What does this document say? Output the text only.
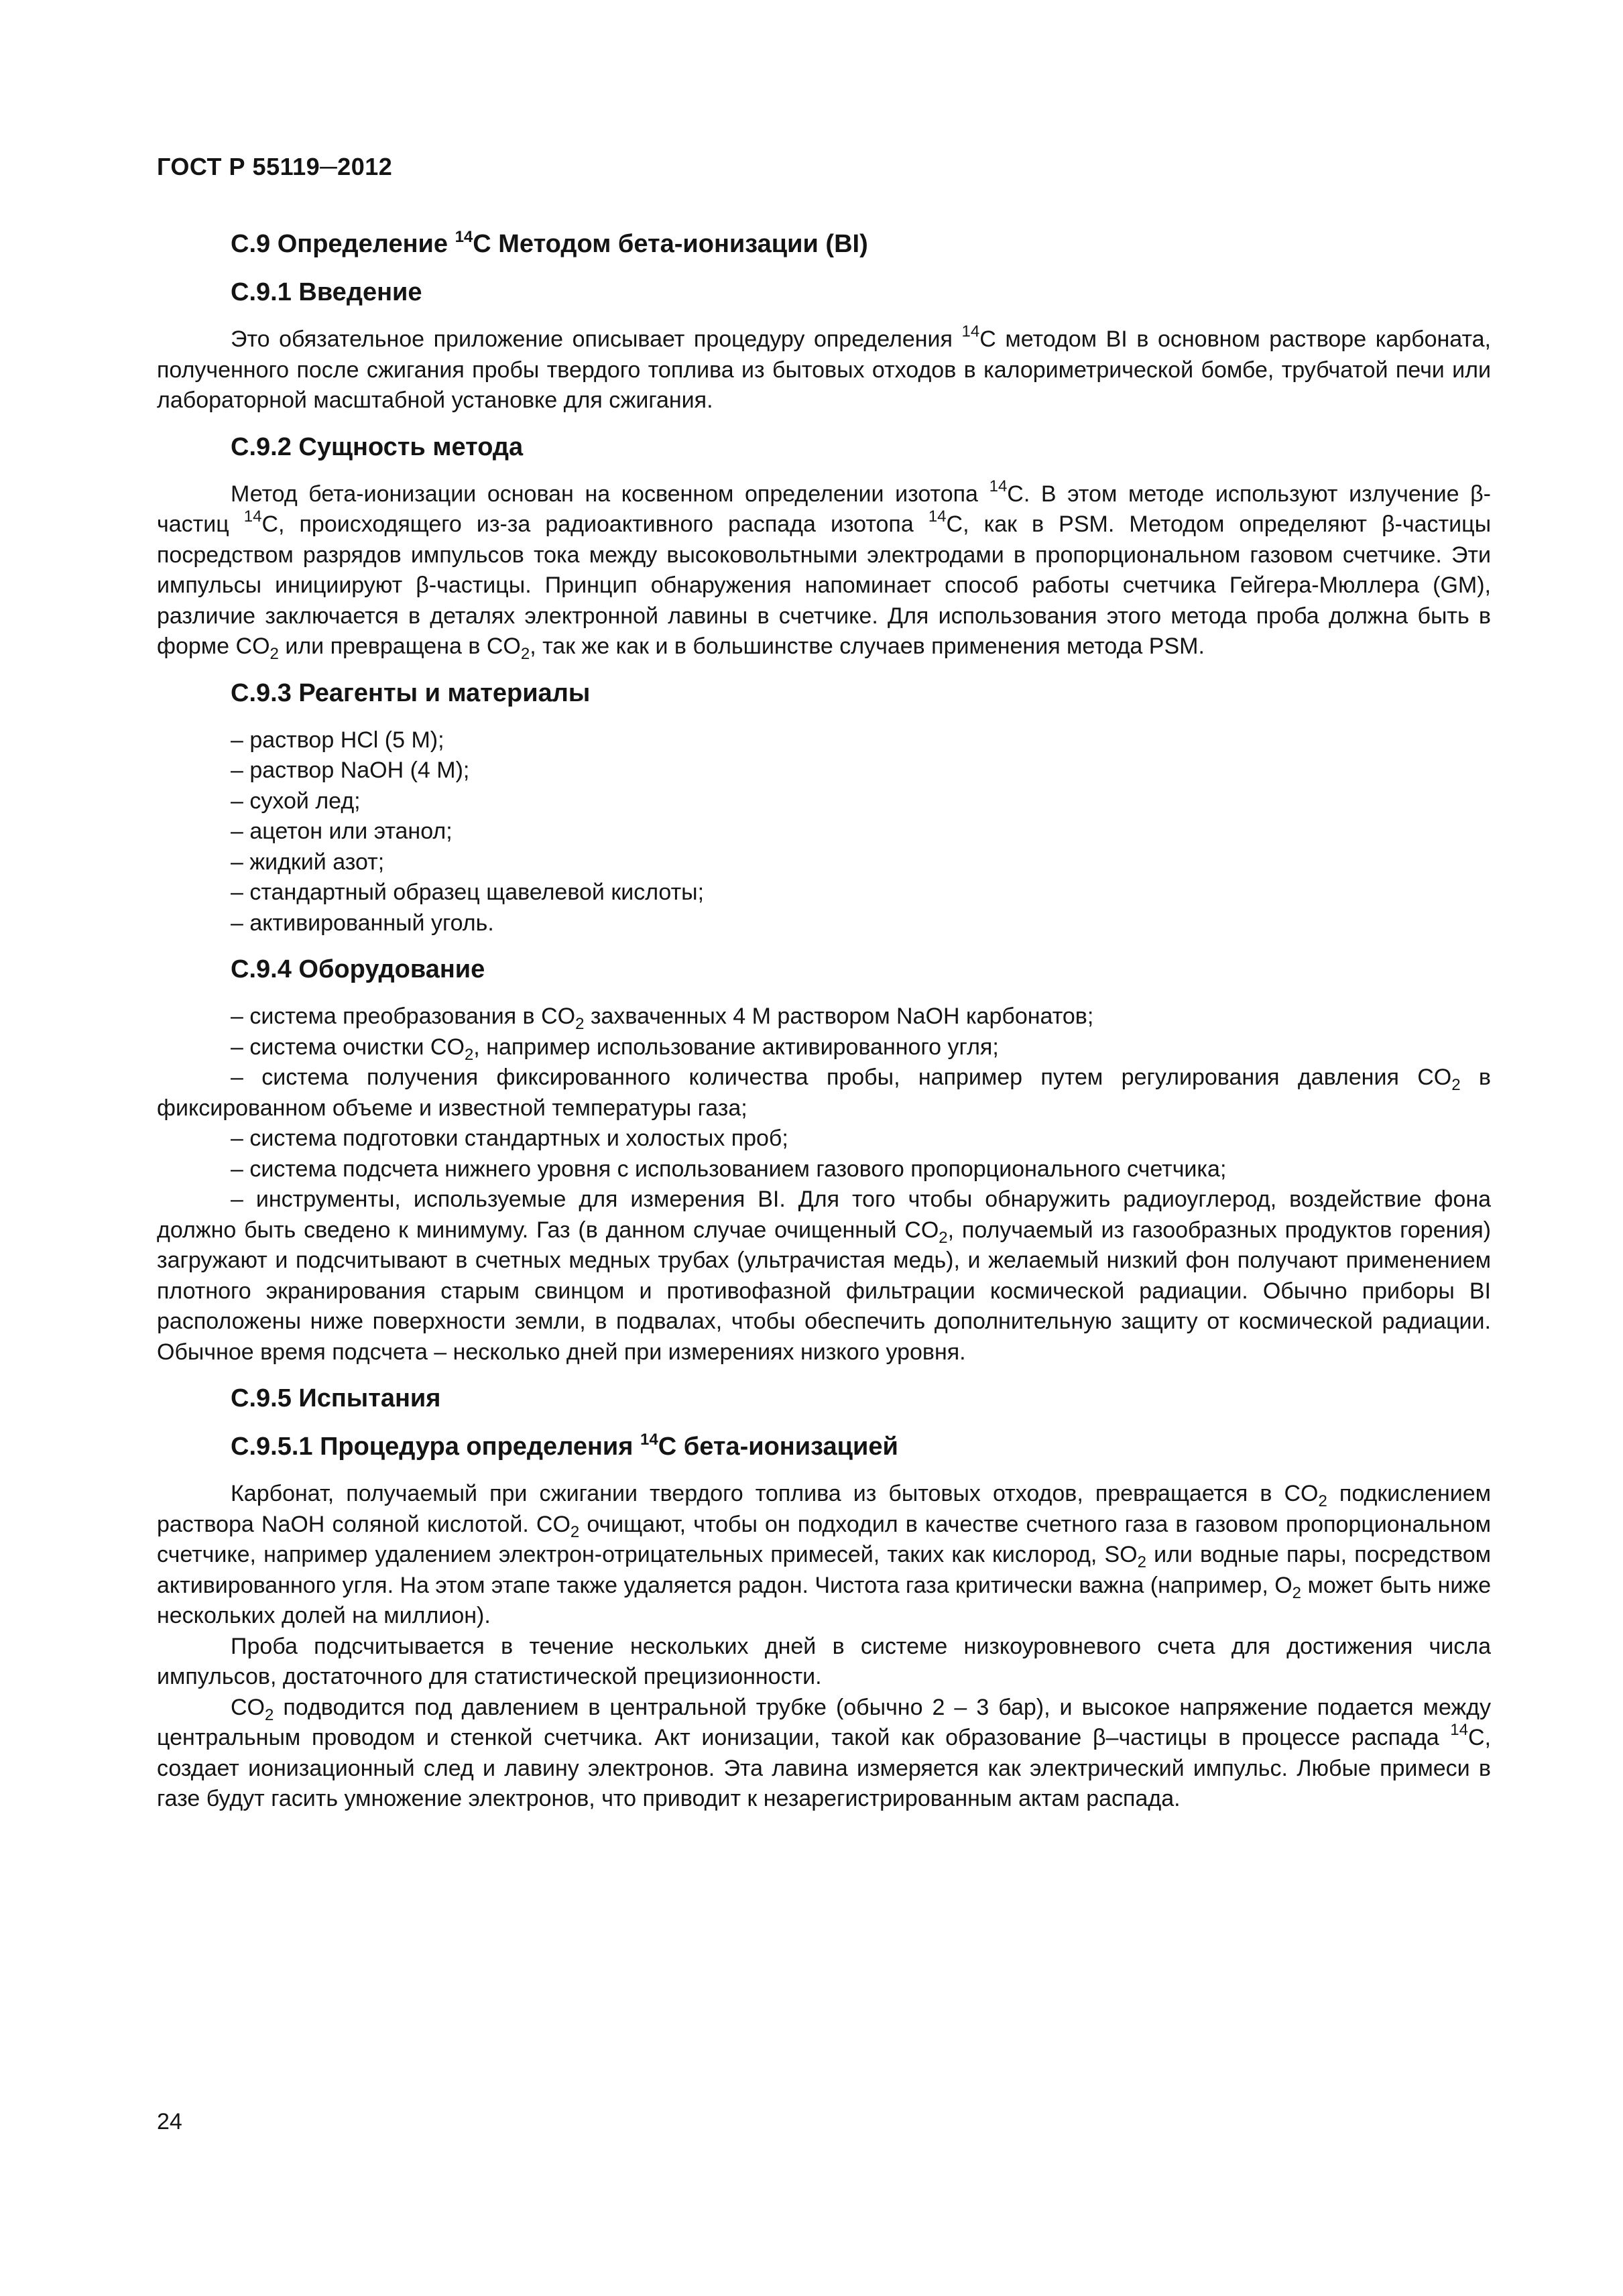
ГОСТ Р 55119─2012
С.9 Определение $^{14}$С Методом бета-ионизации (BI)
С.9.1 Введение

Это обязательное приложение описывает процедуру определения $^{14}$С методом BI в основном растворе карбоната, полученного после сжигания пробы твердого топлива из бытовых отходов в калориметрической бомбе, трубчатой печи или лабораторной масштабной установке для сжигания.

С.9.2 Сущность метода

Метод бета-ионизации основан на косвенном определении изотопа $^{14}$С. В этом методе используют излучение β-частиц $^{14}$С, происходящего из-за радиоактивного распада изотопа $^{14}$С, как в PSM. Методом определяют β-частицы посредством разрядов импульсов тока между высоковольтными электродами в пропорциональном газовом счетчике. Эти импульсы инициируют β-частицы. Принцип обнаружения напоминает способ работы счетчика Гейгера-Мюллера (GM), различие заключается в деталях электронной лавины в счетчике. Для использования этого метода проба должна быть в форме $CO_2$ или превращена в $CO_2$, так же как и в большинстве случаев применения метода PSM.

С.9.3 Реагенты и материалы
– раствор HCl (5 M);
– раствор NaOH (4 M);
– сухой лед;
– ацетон или этанол;
– жидкий азот;
– стандартный образец щавелевой кислоты;
– активированный уголь.
С.9.4 Оборудование
– система преобразования в $CO_2$ захваченных 4 M раствором NaOH карбонатов;
– система очистки $CO_2$, например использование активированного угля;
– система получения фиксированного количества пробы, например путем регулирования давления $CO_2$ в фиксированном объеме и известной температуры газа;
– система подготовки стандартных и холостых проб;
– система подсчета нижнего уровня с использованием газового пропорционального счетчика;
– инструменты, используемые для измерения BI. Для того чтобы обнаружить радиоуглерод, воздействие фона должно быть сведено к минимуму. Газ (в данном случае очищенный $CO_2$, получаемый из газообразных продуктов горения) загружают и подсчитывают в счетных медных трубах (ультрачистая медь), и желаемый низкий фон получают применением плотного экранирования старым свинцом и противофазной фильтрации космической радиации. Обычно приборы BI расположены ниже поверхности земли, в подвалах, чтобы обеспечить дополнительную защиту от космической радиации. Обычное время подсчета – несколько дней при измерениях низкого уровня.
С.9.5 Испытания
С.9.5.1 Процедура определения $^{14}$С бета-ионизацией

Карбонат, получаемый при сжигании твердого топлива из бытовых отходов, превращается в $CO_2$ подкислением раствора NaOH соляной кислотой. $CO_2$ очищают, чтобы он подходил в качестве счетного газа в газовом пропорциональном счетчике, например удалением электрон-отрицательных примесей, таких как кислород, $SO_2$ или водные пары, посредством активированного угля. На этом этапе также удаляется радон. Чистота газа критически важна (например, $O_2$ может быть ниже нескольких долей на миллион).

Проба подсчитывается в течение нескольких дней в системе низкоуровневого счета для достижения числа импульсов, достаточного для статистической прецизионности.

$CO_2$ подводится под давлением в центральной трубке (обычно 2 – 3 бар), и высокое напряжение подается между центральным проводом и стенкой счетчика. Акт ионизации, такой как образование β–частицы в процессе распада $^{14}$С, создает ионизационный след и лавину электронов. Эта лавина измеряется как электрический импульс. Любые примеси в газе будут гасить умножение электронов, что приводит к незарегистрированным актам распада.

24
